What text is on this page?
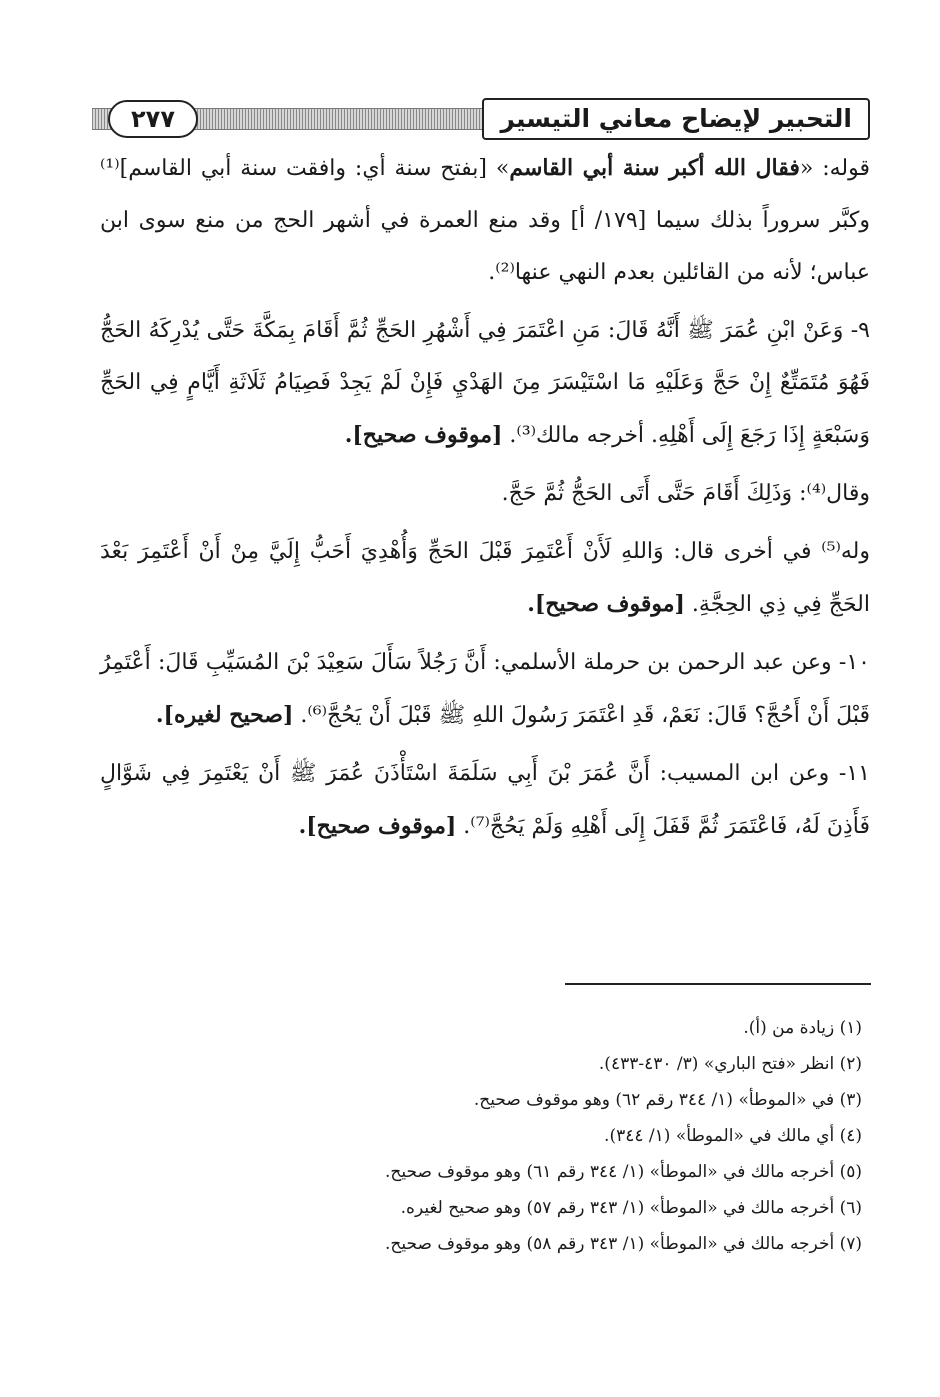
التحبير لإيضاح معاني التيسير
٢٧٧

قوله: «فقال الله أكبر سنة أبي القاسم» [بفتح سنة أي: وافقت سنة أبي القاسم]⁽¹⁾ وكبَّر سروراً بذلك سيما [١٧٩/ أ] وقد منع العمرة في أشهر الحج من منع سوى ابن عباس؛ لأنه من القائلين بعدم النهي عنها⁽²⁾.

٩- وَعَنْ ابْنِ عُمَرَ ﷺ أَنَّهُ قَالَ: مَنِ اعْتَمَرَ فِي أَشْهُرِ الحَجِّ ثُمَّ أَقَامَ بِمَكَّةَ حَتَّى يُدْرِكَهُ الحَجُّ فَهُوَ مُتَمَتِّعٌ إِنْ حَجَّ وَعَلَيْهِ مَا اسْتَيْسَرَ مِنَ الهَدْيِ فَإِنْ لَمْ يَجِدْ فَصِيَامُ ثَلَاثَةِ أَيَّامٍ فِي الحَجِّ وَسَبْعَةٍ إِذَا رَجَعَ إِلَى أَهْلِهِ. أخرجه مالك⁽³⁾. [موقوف صحيح].

وقال⁽⁴⁾: وَذَلِكَ أَقَامَ حَتَّى أَتَى الحَجُّ ثُمَّ حَجَّ.

وله⁽⁵⁾ في أخرى قال: وَاللهِ لَأَنْ أَعْتَمِرَ قَبْلَ الحَجِّ وَأُهْدِيَ أَحَبُّ إِلَيَّ مِنْ أَنْ أَعْتَمِرَ بَعْدَ الحَجِّ فِي ذِي الحِجَّةِ. [موقوف صحيح].

١٠- وعن عبد الرحمن بن حرملة الأسلمي: أَنَّ رَجُلاً سَأَلَ سَعِيْدَ بْنَ المُسَيِّبِ قَالَ: أَعْتَمِرُ قَبْلَ أَنْ أَحُجَّ؟ قَالَ: نَعَمْ، قَدِ اعْتَمَرَ رَسُولَ اللهِ ﷺ قَبْلَ أَنْ يَحُجَّ⁽⁶⁾. [صحيح لغيره].

١١- وعن ابن المسيب: أَنَّ عُمَرَ بْنَ أَبِي سَلَمَةَ اسْتَأْذَنَ عُمَرَ ﷺ أَنْ يَعْتَمِرَ فِي شَوَّالٍ فَأَذِنَ لَهُ، فَاعْتَمَرَ ثُمَّ قَفَلَ إِلَى أَهْلِهِ وَلَمْ يَحُجَّ⁽⁷⁾. [موقوف صحيح].

(١) زيادة من (أ).
(٢) انظر «فتح الباري» (٣/ ٤٣٠-٤٣٣).
(٣) في «الموطأ» (١/ ٣٤٤ رقم ٦٢) وهو موقوف صحيح.
(٤) أي مالك في «الموطأ» (١/ ٣٤٤).
(٥) أخرجه مالك في «الموطأ» (١/ ٣٤٤ رقم ٦١) وهو موقوف صحيح.
(٦) أخرجه مالك في «الموطأ» (١/ ٣٤٣ رقم ٥٧) وهو صحيح لغيره.
(٧) أخرجه مالك في «الموطأ» (١/ ٣٤٣ رقم ٥٨) وهو موقوف صحيح.
